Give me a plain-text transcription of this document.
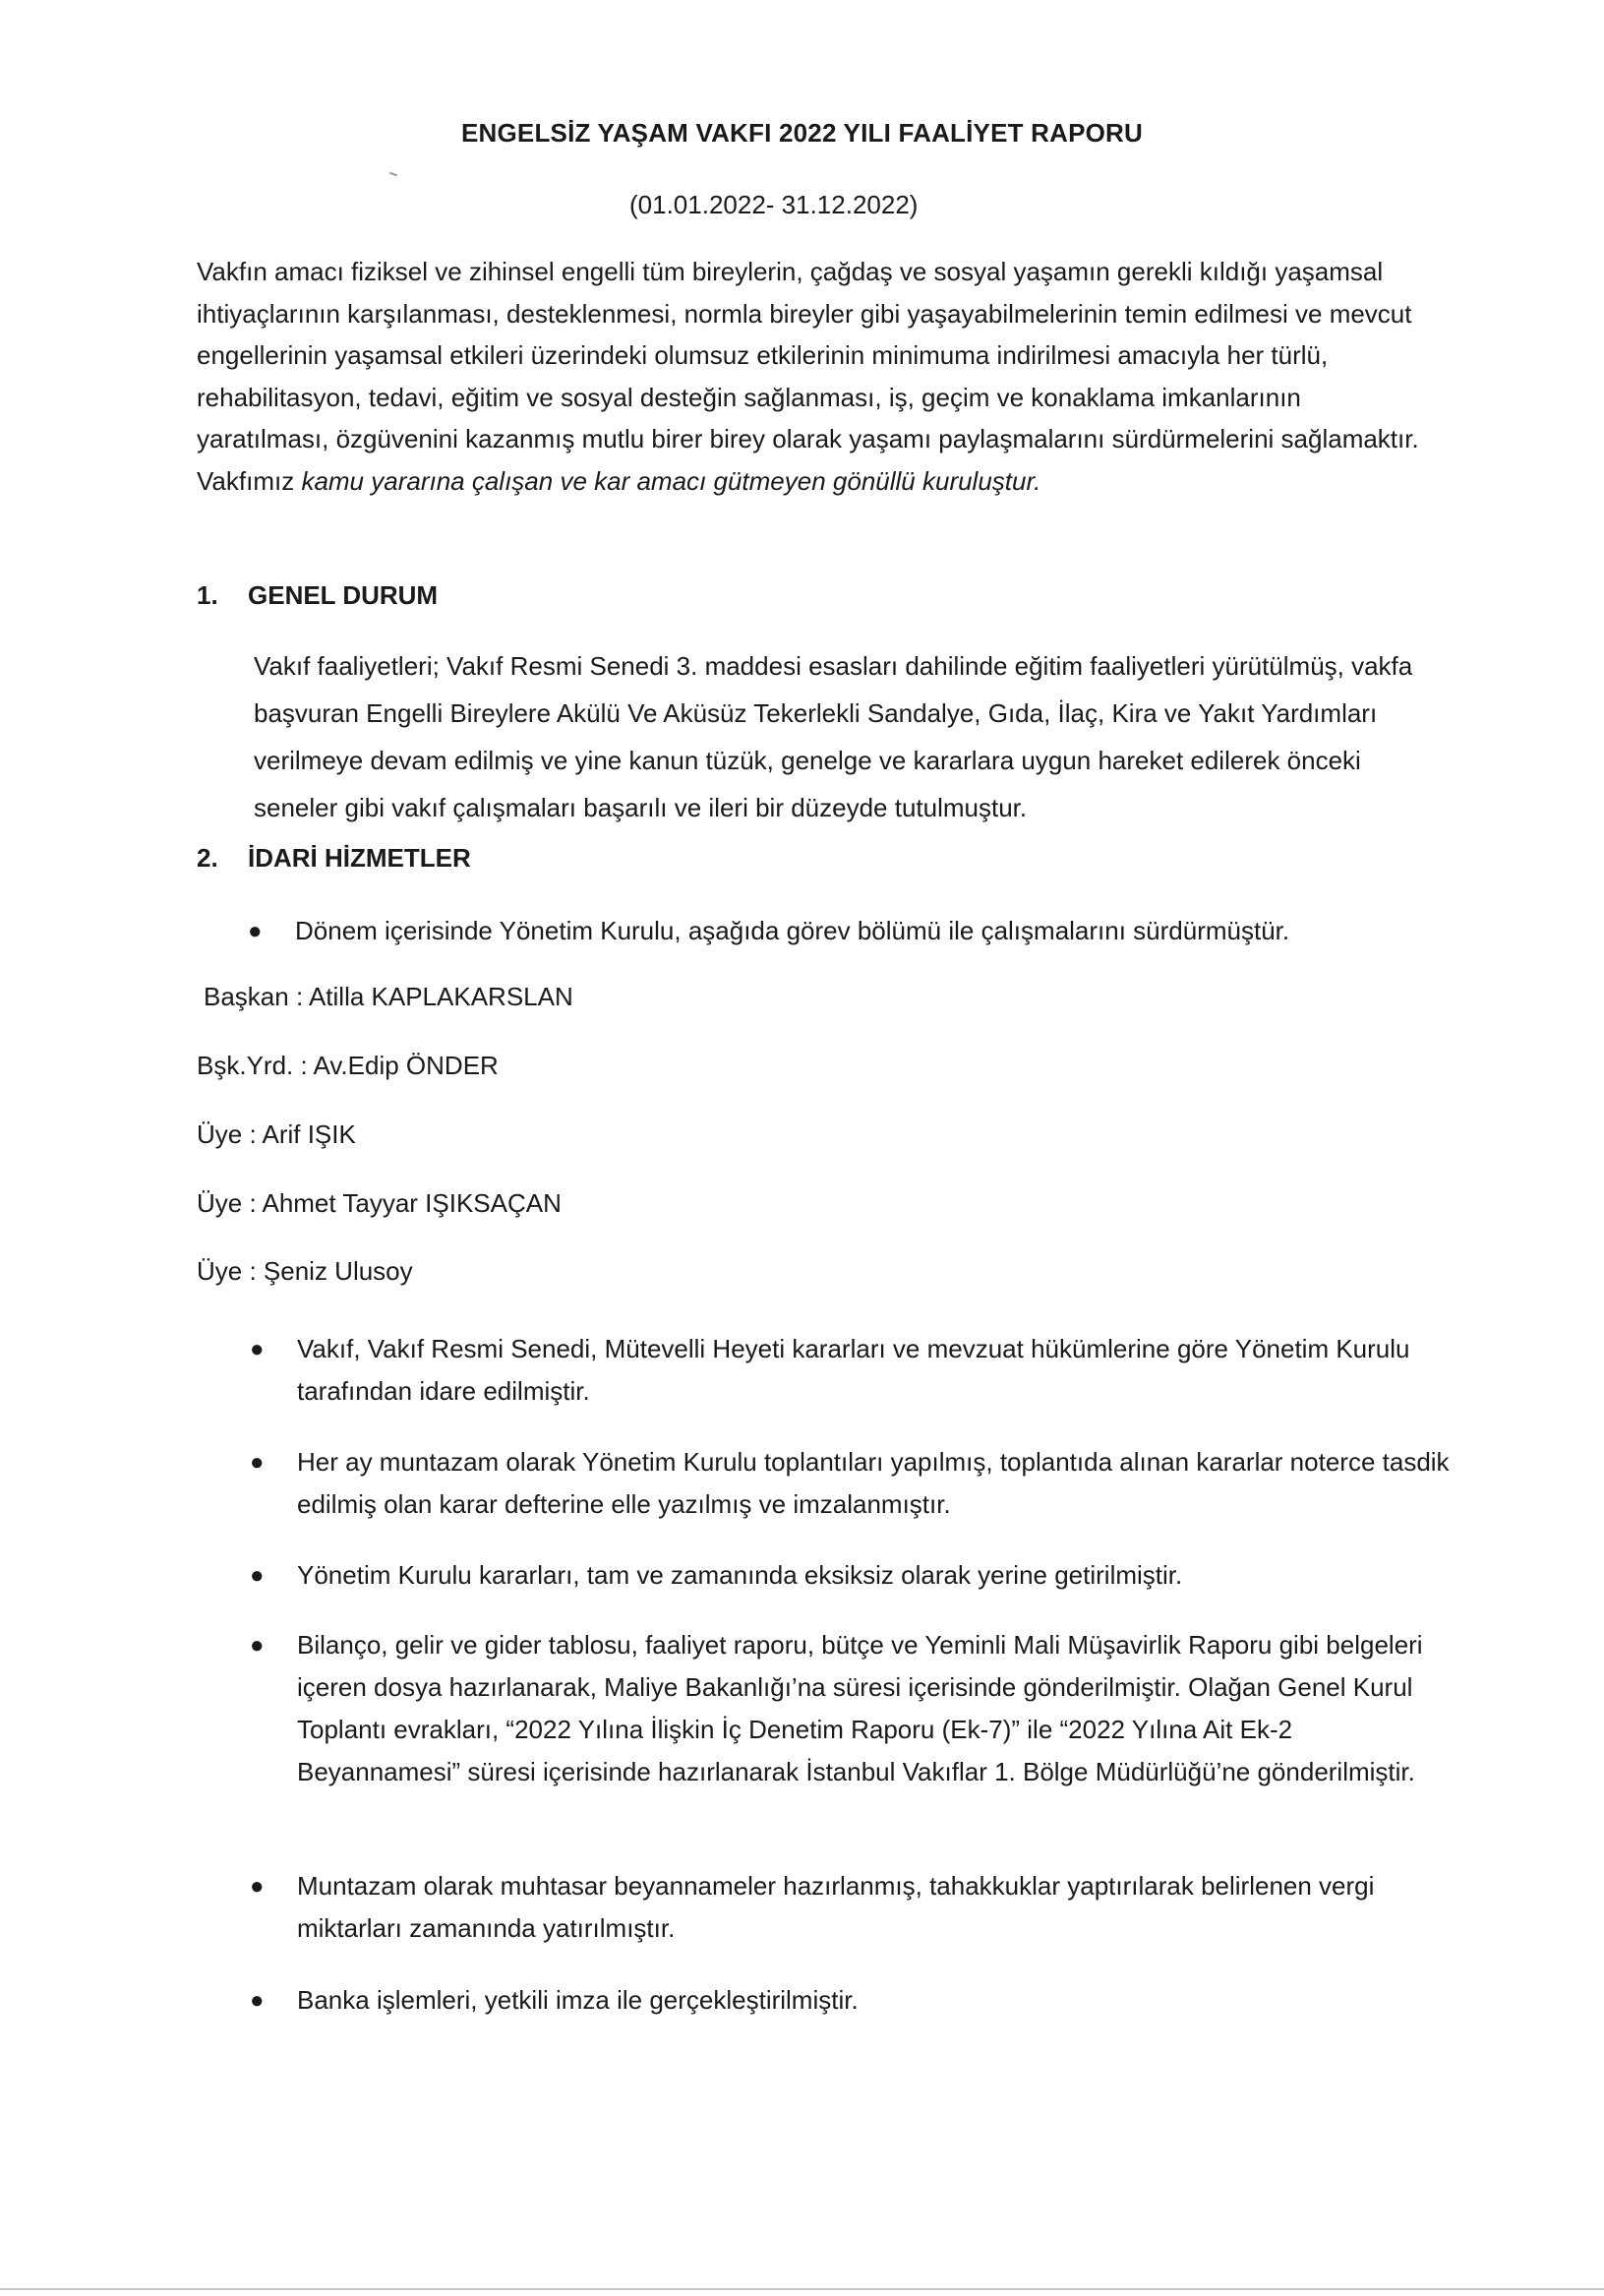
ENGELSİZ YAŞAM VAKFI 2022 YILI FAALİYET RAPORU
(01.01.2022- 31.12.2022)
Vakfın amacı fiziksel ve zihinsel engelli tüm bireylerin, çağdaş ve sosyal yaşamın gerekli kıldığı yaşamsal ihtiyaçlarının karşılanması, desteklenmesi, normla bireyler gibi yaşayabilmelerinin temin edilmesi ve mevcut engellerinin yaşamsal etkileri üzerindeki olumsuz etkilerinin minimuma indirilmesi amacıyla her türlü, rehabilitasyon, tedavi, eğitim ve sosyal desteğin sağlanması, iş, geçim ve konaklama imkanlarının yaratılması, özgüvenini kazanmış mutlu birer birey olarak yaşamı paylaşmalarını sürdürmelerini sağlamaktır. Vakfımız kamu yararına çalışan ve kar amacı gütmeyen gönüllü kuruluştur.
1. GENEL DURUM
Vakıf faaliyetleri; Vakıf Resmi Senedi 3. maddesi esasları dahilinde eğitim faaliyetleri yürütülmüş, vakfa başvuran Engelli Bireylere Akülü Ve Aküsüz Tekerlekli Sandalye, Gıda, İlaç, Kira ve Yakıt Yardımları verilmeye devam edilmiş ve yine kanun tüzük, genelge ve kararlara uygun hareket edilerek önceki seneler gibi vakıf çalışmaları başarılı ve ileri bir düzeyde tutulmuştur.
2. İDARİ HİZMETLER
●	Dönem içerisinde Yönetim Kurulu, aşağıda görev bölümü ile çalışmalarını sürdürmüştür.
Başkan : Atilla KAPLAKARSLAN
Bşk.Yrd. : Av.Edip ÖNDER
Üye : Arif IŞIK
Üye : Ahmet Tayyar IŞIKSAÇAN
Üye : Şeniz Ulusoy
●	Vakıf, Vakıf Resmi Senedi, Mütevelli Heyeti kararları ve mevzuat hükümlerine göre Yönetim Kurulu tarafından idare edilmiştir.
●	Her ay muntazam olarak Yönetim Kurulu toplantıları yapılmış, toplantıda alınan kararlar noterce tasdik edilmiş olan karar defterine elle yazılmış ve imzalanmıştır.
●	Yönetim Kurulu kararları, tam ve zamanında eksiksiz olarak yerine getirilmiştir.
●	Bilanço, gelir ve gider tablosu, faaliyet raporu, bütçe ve Yeminli Mali Müşavirlik Raporu gibi belgeleri içeren dosya hazırlanarak, Maliye Bakanlığı’na süresi içerisinde gönderilmiştir. Olağan Genel Kurul Toplantı evrakları, “2022 Yılına İlişkin İç Denetim Raporu (Ek-7)” ile “2022 Yılına Ait Ek-2 Beyannamesi” süresi içerisinde hazırlanarak İstanbul Vakıflar 1. Bölge Müdürlüğü’ne gönderilmiştir.
●	Muntazam olarak muhtasar beyannameler hazırlanmış, tahakkuklar yaptırılarak belirlenen vergi miktarları zamanında yatırılmıştır.
●	Banka işlemleri, yetkili imza ile gerçekleştirilmiştir.
